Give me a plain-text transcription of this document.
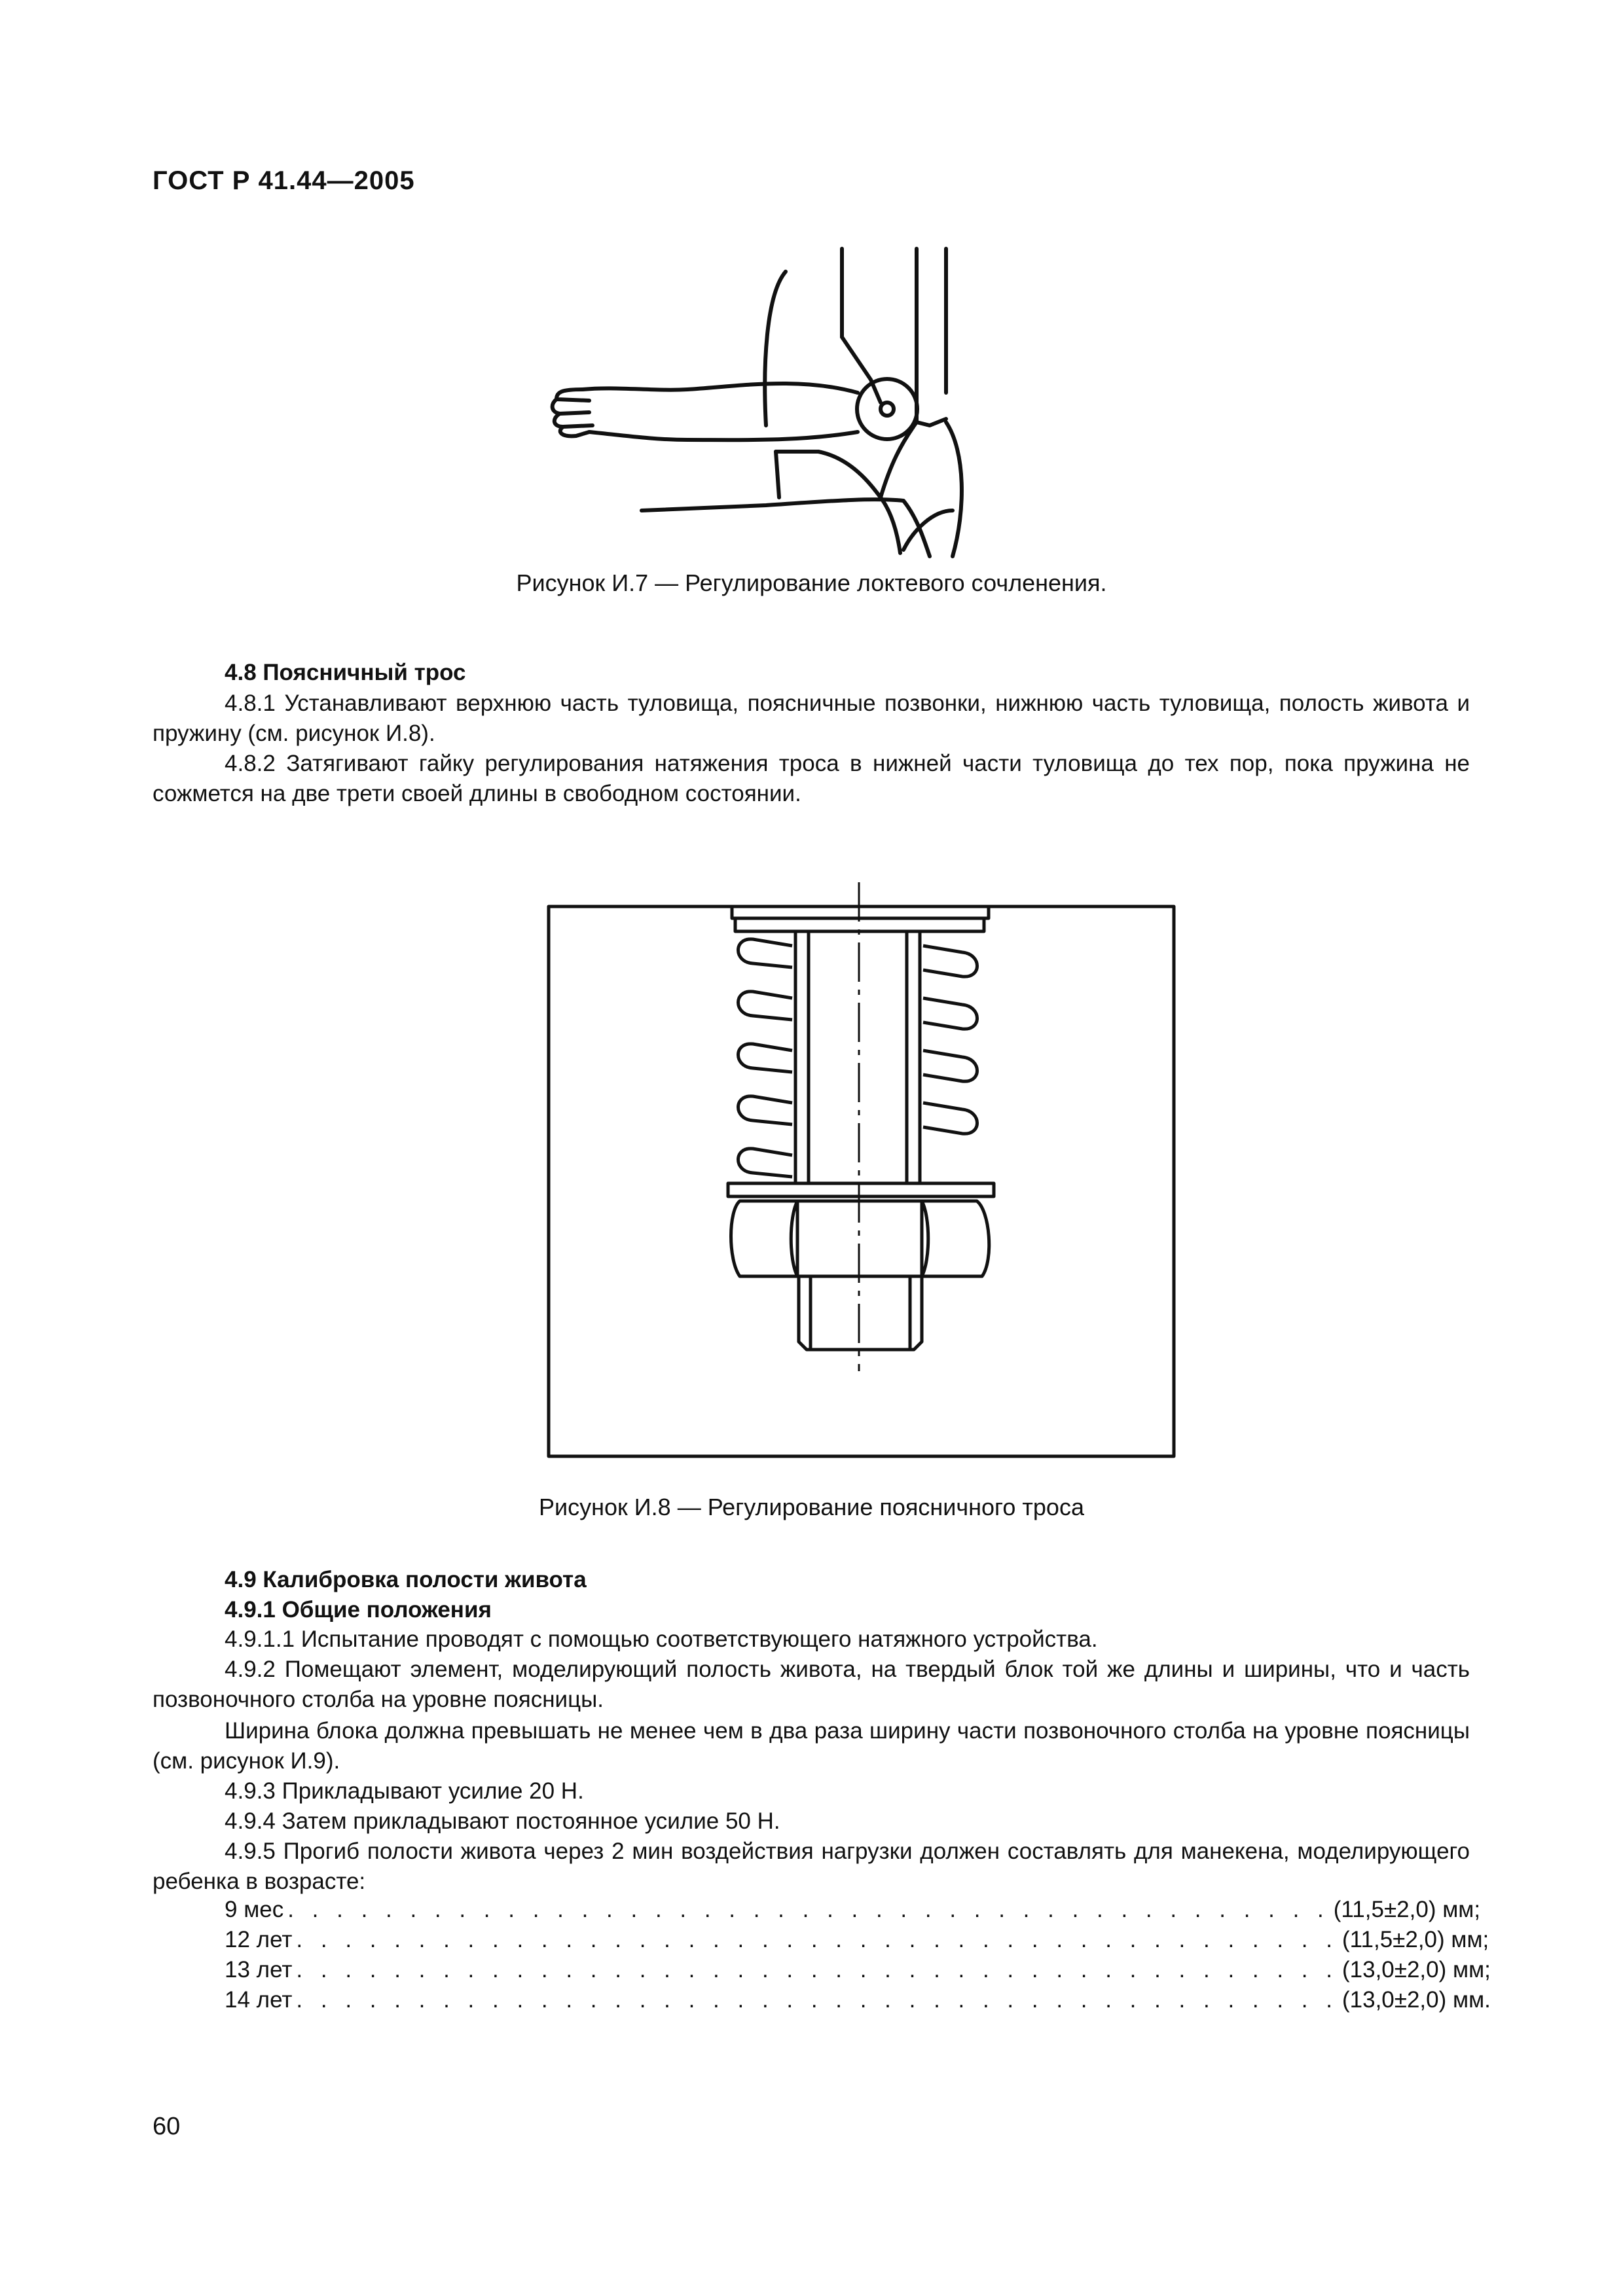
ГОСТ Р 41.44—2005
Рисунок И.7 — Регулирование локтевого сочленения.
4.8 Поясничный трос
4.8.1 Устанавливают верхнюю часть туловища, поясничные позвонки, нижнюю часть туловища, полость живота и пружину (см. рисунок И.8).
4.8.2 Затягивают гайку регулирования натяжения троса в нижней части туловища до тех пор, пока пружина не сожмется на две трети своей длины в свободном состоянии.
Рисунок И.8 — Регулирование поясничного троса
4.9 Калибровка полости живота
4.9.1 Общие положения
4.9.1.1 Испытание проводят с помощью соответствующего натяжного устройства.
4.9.2 Помещают элемент, моделирующий полость живота, на твердый блок той же длины и ширины, что и часть позвоночного столба на уровне поясницы.
Ширина блока должна превышать не менее чем в два раза ширину части позвоночного столба на уровне поясницы (см. рисунок И.9).
4.9.3 Прикладывают усилие 20 Н.
4.9.4 Затем прикладывают постоянное усилие 50 Н.
4.9.5 Прогиб полости живота через 2 мин воздействия нагрузки должен составлять для манекена, моделирующего ребенка в возрасте:
9 мес . . . . . . . . . . . . . . . . . . . . . . . . . . . . . . . . . . . . . . . . . . . (11,5±2,0) мм;
12 лет . . . . . . . . . . . . . . . . . . . . . . . . . . . . . . . . . . . . . . . . . . . (11,5±2,0) мм;
13 лет . . . . . . . . . . . . . . . . . . . . . . . . . . . . . . . . . . . . . . . . . . . (13,0±2,0) мм;
14 лет . . . . . . . . . . . . . . . . . . . . . . . . . . . . . . . . . . . . . . . . . . . (13,0±2,0) мм.
60
